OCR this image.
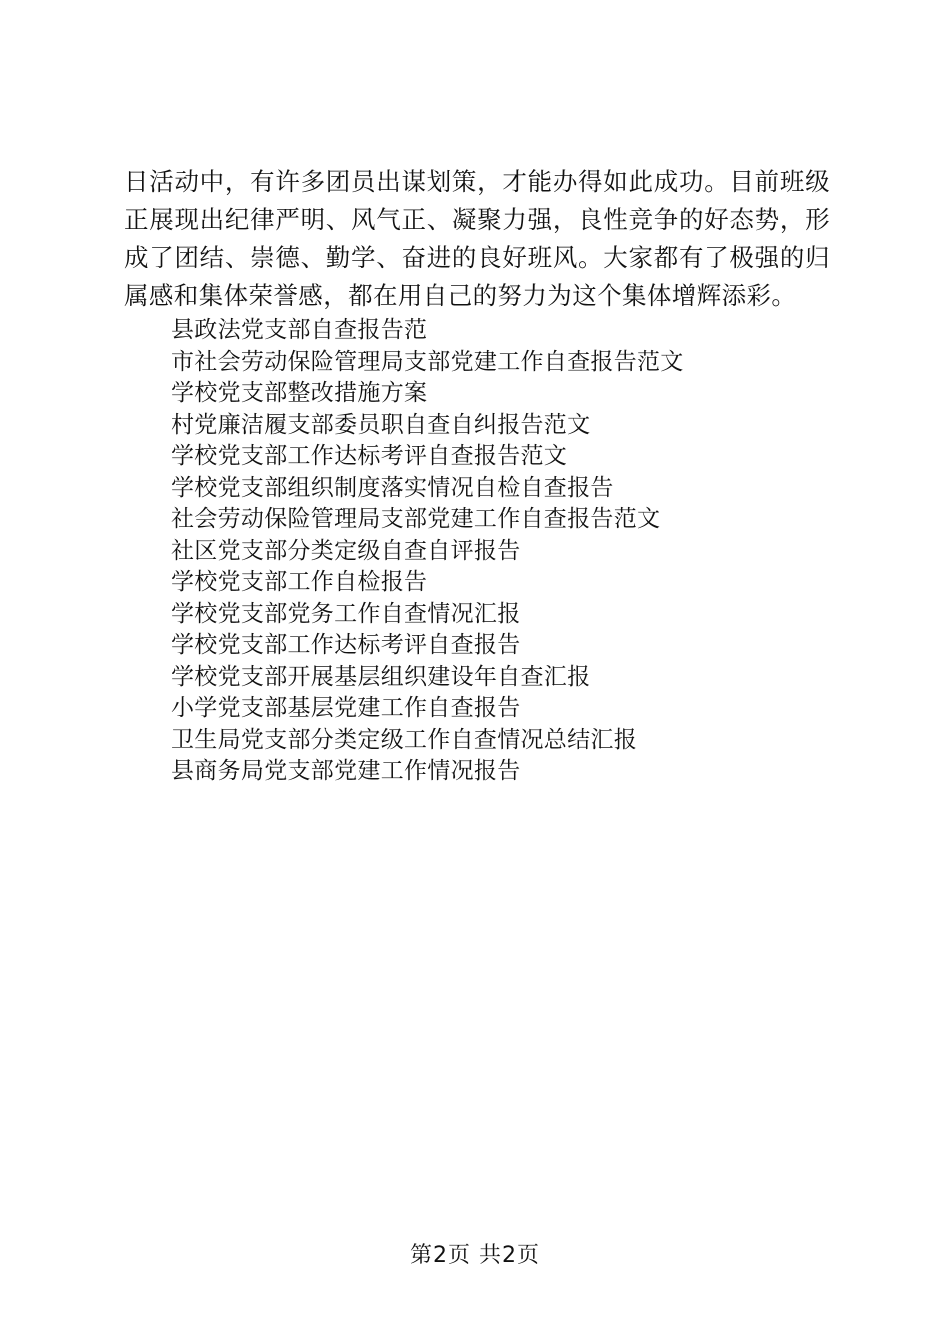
日活动中，有许多团员出谋划策，才能办得如此成功。目前班级正展现出纪律严明、风气正、凝聚力强，良性竞争的好态势，形成了团结、崇德、勤学、奋进的良好班风。大家都有了极强的归属感和集体荣誉感，都在用自己的努力为这个集体增辉添彩。

县政法党支部自查报告范
市社会劳动保险管理局支部党建工作自查报告范文
学校党支部整改措施方案
村党廉洁履支部委员职自查自纠报告范文
学校党支部工作达标考评自查报告范文
学校党支部组织制度落实情况自检自查报告
社会劳动保险管理局支部党建工作自查报告范文
社区党支部分类定级自查自评报告
学校党支部工作自检报告
学校党支部党务工作自查情况汇报
学校党支部工作达标考评自查报告
学校党支部开展基层组织建设年自查汇报
小学党支部基层党建工作自查报告
卫生局党支部分类定级工作自查情况总结汇报
县商务局党支部党建工作情况报告
第2页 共2页
